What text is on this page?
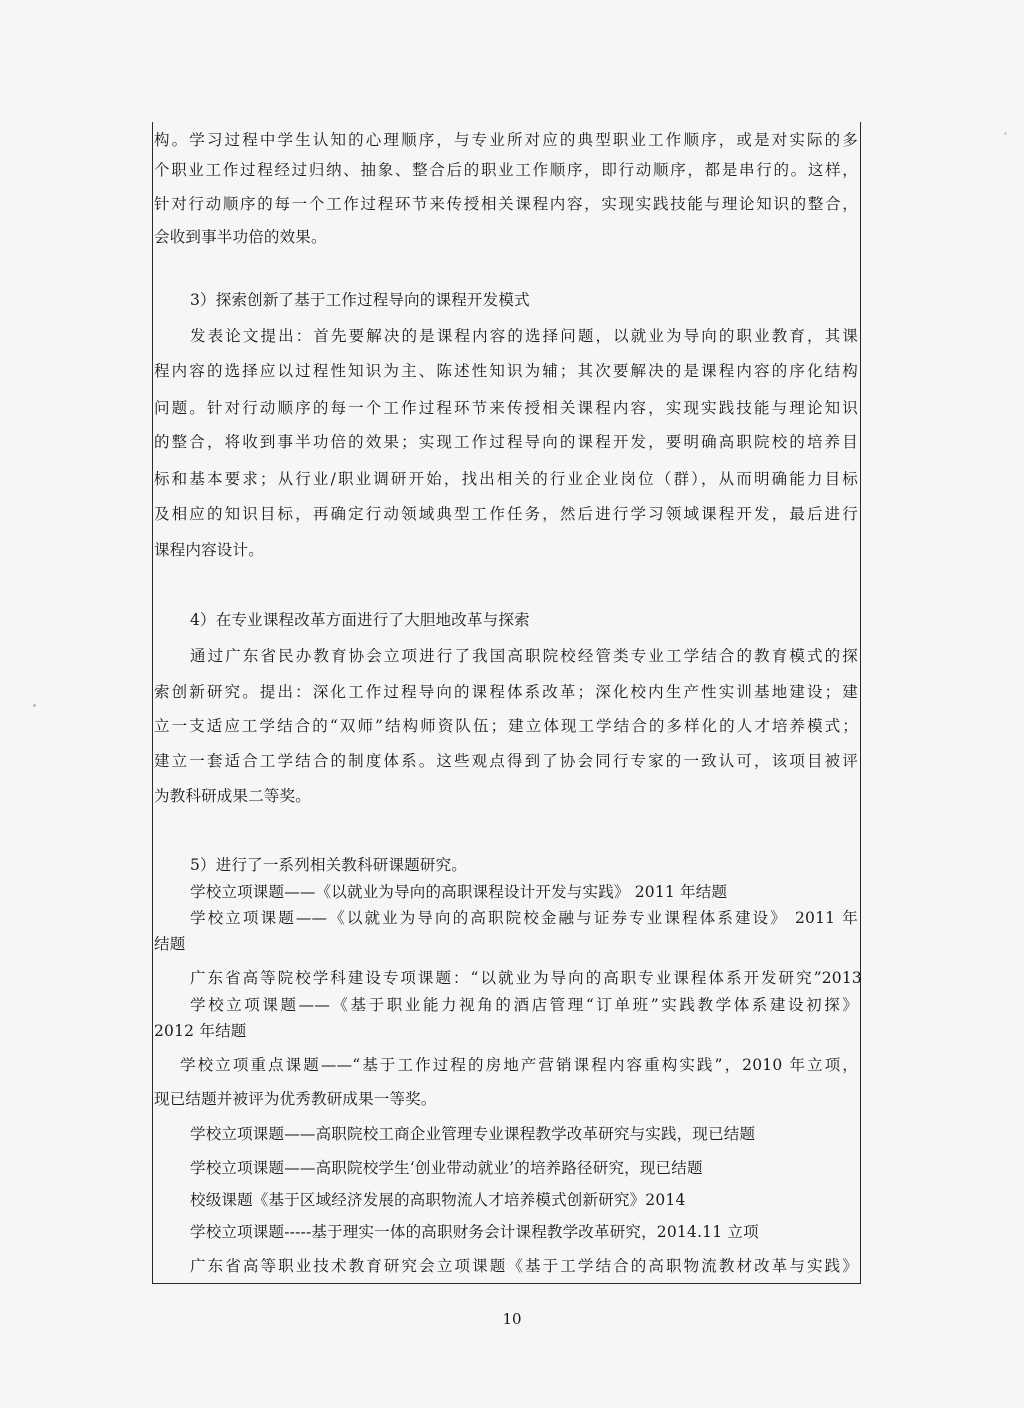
构。学习过程中学生认知的心理顺序，与专业所对应的典型职业工作顺序，或是对实际的多
个职业工作过程经过归纳、抽象、整合后的职业工作顺序，即行动顺序，都是串行的。这样，
针对行动顺序的每一个工作过程环节来传授相关课程内容，实现实践技能与理论知识的整合，
会收到事半功倍的效果。
3）探索创新了基于工作过程导向的课程开发模式
发表论文提出：首先要解决的是课程内容的选择问题，以就业为导向的职业教育，其课
程内容的选择应以过程性知识为主、陈述性知识为辅；其次要解决的是课程内容的序化结构
问题。针对行动顺序的每一个工作过程环节来传授相关课程内容，实现实践技能与理论知识
的整合，将收到事半功倍的效果；实现工作过程导向的课程开发，要明确高职院校的培养目
标和基本要求；从行业/职业调研开始，找出相关的行业企业岗位（群），从而明确能力目标
及相应的知识目标，再确定行动领域典型工作任务，然后进行学习领域课程开发，最后进行
课程内容设计。
4）在专业课程改革方面进行了大胆地改革与探索
通过广东省民办教育协会立项进行了我国高职院校经管类专业工学结合的教育模式的探
索创新研究。提出：深化工作过程导向的课程体系改革；深化校内生产性实训基地建设；建
立一支适应工学结合的“双师”结构师资队伍；建立体现工学结合的多样化的人才培养模式；
建立一套适合工学结合的制度体系。这些观点得到了协会同行专家的一致认可，该项目被评
为教科研成果二等奖。
5）进行了一系列相关教科研课题研究。
学校立项课题——《以就业为导向的高职课程设计开发与实践》 2011 年结题
学校立项课题——《以就业为导向的高职院校金融与证券专业课程体系建设》 2011 年
结题
广东省高等院校学科建设专项课题：“以就业为导向的高职专业课程体系开发研究”2013
学校立项课题——《基于职业能力视角的酒店管理“订单班”实践教学体系建设初探》
2012 年结题
学校立项重点课题——“基于工作过程的房地产营销课程内容重构实践”，2010 年立项，
现已结题并被评为优秀教研成果一等奖。
学校立项课题——高职院校工商企业管理专业课程教学改革研究与实践，现已结题
学校立项课题——高职院校学生‘创业带动就业’的培养路径研究，现已结题
校级课题《基于区域经济发展的高职物流人才培养模式创新研究》2014
学校立项课题-----基于理实一体的高职财务会计课程教学改革研究，2014.11 立项
广东省高等职业技术教育研究会立项课题《基于工学结合的高职物流教材改革与实践》
10
